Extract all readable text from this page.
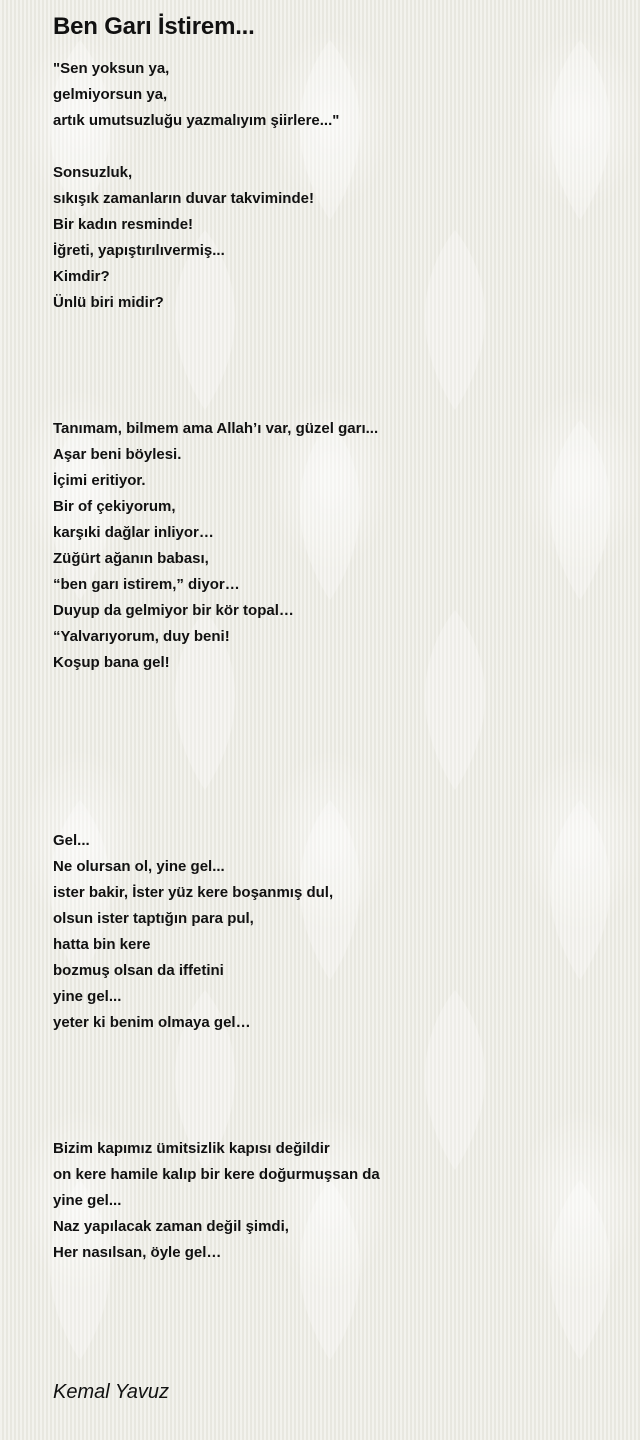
Ben Garı İstirem...
"Sen yoksun ya,
gelmiyorsun ya,
artık umutsuzluğu yazmalıyım şiirlere..."
Sonsuzluk,
sıkışık zamanların duvar takviminde!
Bir kadın resminde!
İğreti, yapıştırılıvermiş...
Kimdir?
Ünlü biri midir?
Tanımam, bilmem ama Allah’ı var, güzel garı...
Aşar beni böylesi.
İçimi eritiyor.
Bir of çekiyorum,
karşıki dağlar inliyor…
Züğürt ağanın babası,
“ben garı istirem,” diyor…
Duyup da gelmiyor bir kör topal…
“Yalvarıyorum, duy beni!
Koşup bana gel!
Gel...
Ne olursan ol, yine gel...
ister bakir, İster yüz kere boşanmış dul,
olsun ister taptığın para pul,
hatta bin kere
bozmuş olsan da iffetini
yine gel...
yeter ki benim olmaya gel…
Bizim kapımız ümitsizlik kapısı değildir
on kere hamile kalıp bir kere doğurmuşsan da
yine gel...
Naz yapılacak zaman değil şimdi,
Her nasılsan, öyle gel…
Kemal Yavuz
